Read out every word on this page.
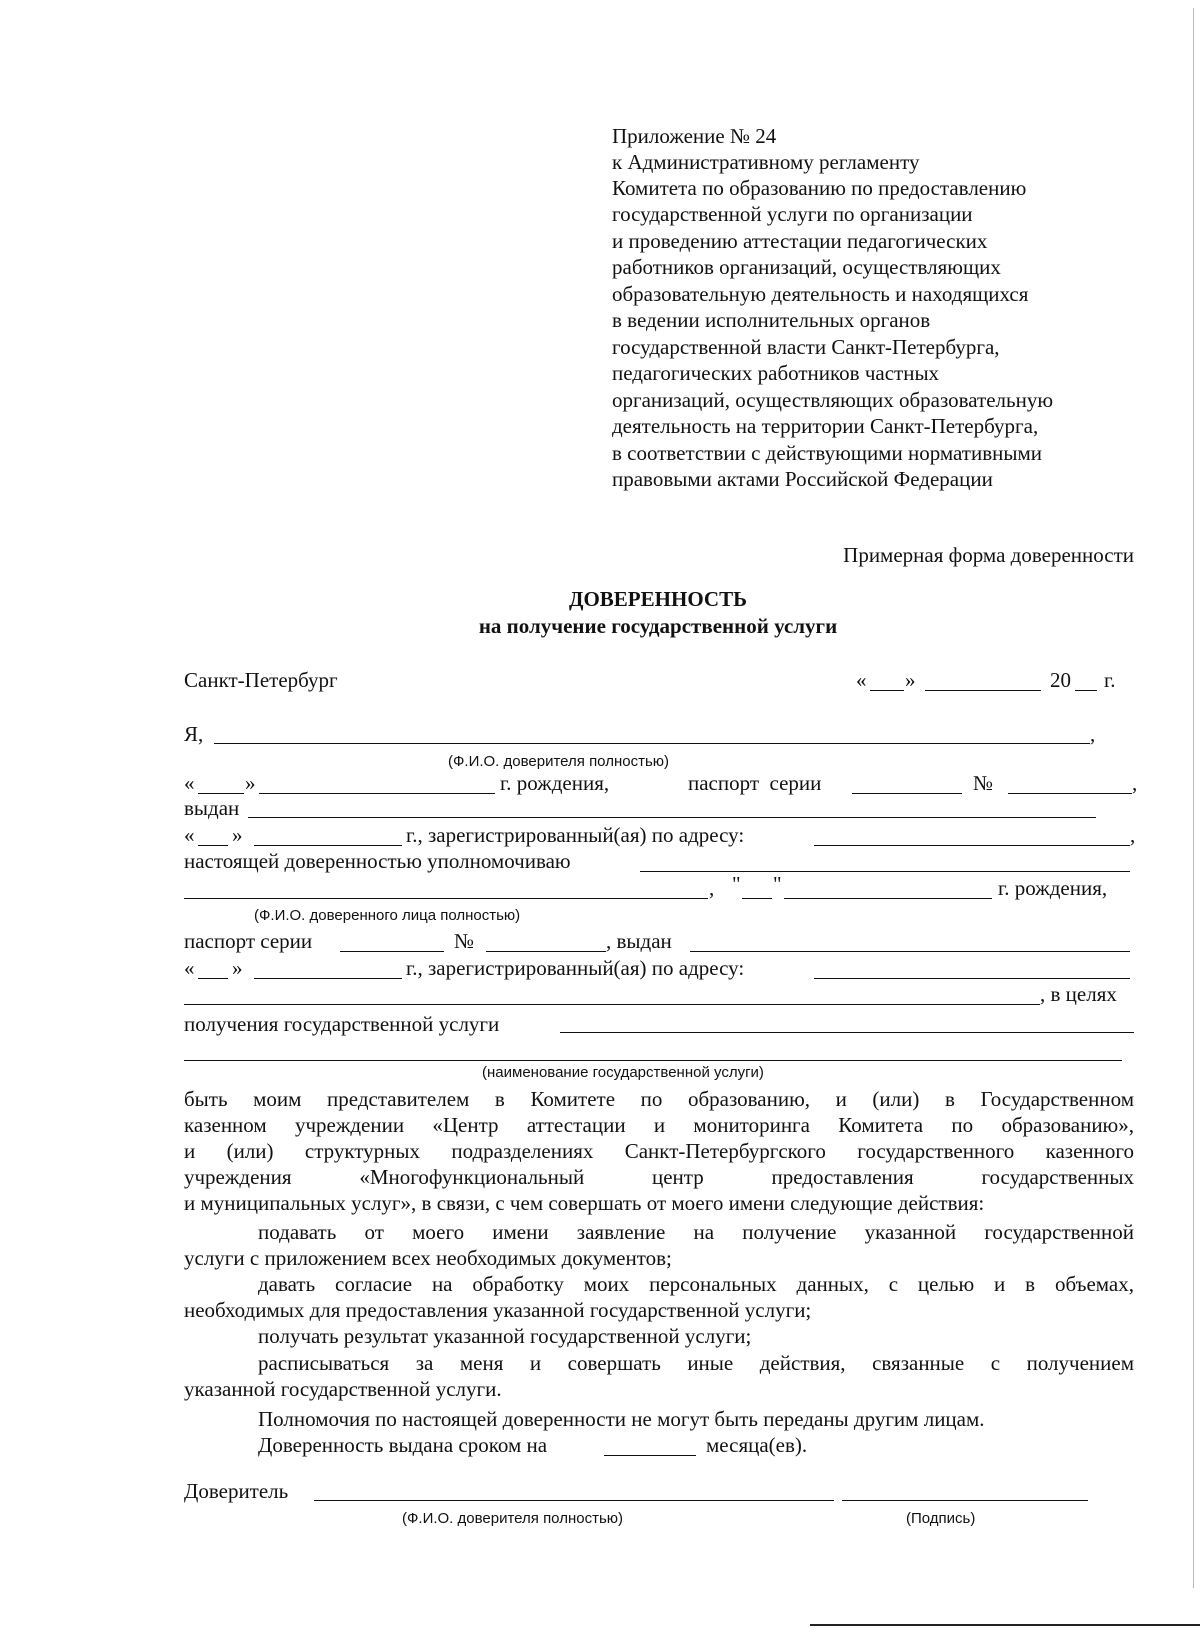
Приложение № 24
к Административному регламенту
Комитета по образованию по предоставлению
государственной услуги по организации
и проведению аттестации педагогических
работников организаций, осуществляющих
образовательную деятельность и находящихся
в ведении исполнительных органов
государственной власти Санкт-Петербурга,
педагогических работников частных
организаций, осуществляющих образовательную
деятельность на территории Санкт-Петербурга,
в соответствии с действующими нормативными
правовыми актами Российской Федерации
Примерная форма доверенности
ДОВЕРЕННОСТЬ
на получение государственной услуги
Санкт-Петербург	« »	20 г.
Я,	,
(Ф.И.О. доверителя полностью)
« »	г. рождения,	паспорт  серии	№	,
выдан
« »	г., зарегистрированный(ая) по адресу:	,
настоящей доверенностью уполномочиваю
, " "	г. рождения,
(Ф.И.О. доверенного лица полностью)
паспорт серии	№	, выдан
« »	г., зарегистрированный(ая) по адресу:
, в целях
получения государственной услуги
(наименование государственной услуги)
быть моим представителем в Комитете по образованию, и (или) в Государственном
казенном учреждении «Центр аттестации и мониторинга Комитета по образованию»,
и (или) структурных подразделениях Санкт-Петербургского государственного казенного
учреждения «Многофункциональный центр предоставления государственных
и муниципальных услуг», в связи, с чем совершать от моего имени следующие действия:
подавать от моего имени заявление на получение указанной государственной
услуги с приложением всех необходимых документов;
давать согласие на обработку моих персональных данных, с целью и в объемах,
необходимых для предоставления указанной государственной услуги;
получать результат указанной государственной услуги;
расписываться за меня и совершать иные действия, связанные с получением
указанной государственной услуги.
Полномочия по настоящей доверенности не могут быть переданы другим лицам.
Доверенность выдана сроком на	месяца(ев).
Доверитель
(Ф.И.О. доверителя полностью)	(Подпись)
